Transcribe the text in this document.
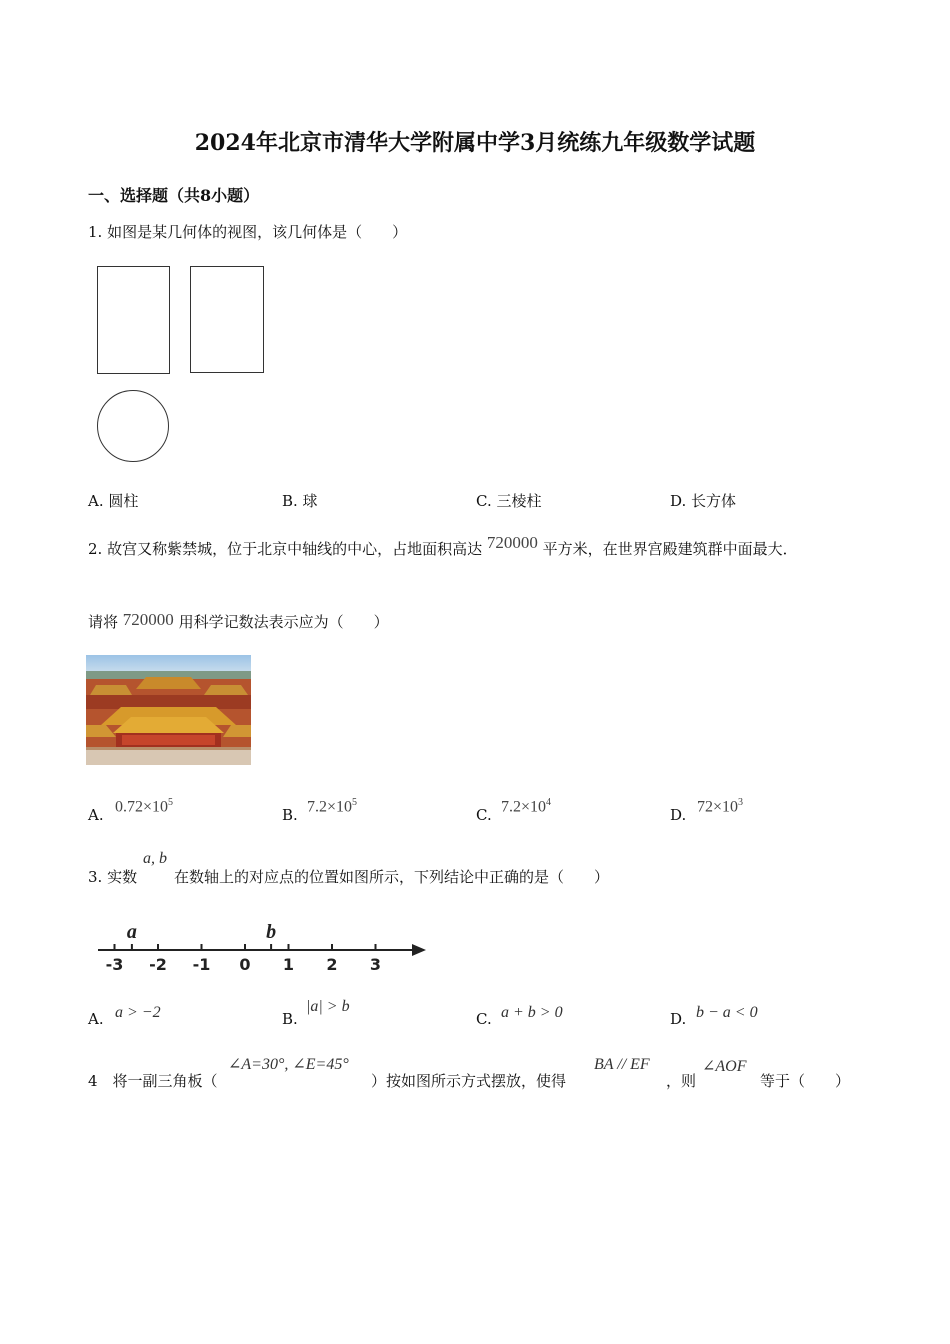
2024年北京市清华大学附属中学3月统练九年级数学试题
一、选择题（共8小题）
1. 如图是某几何体的视图，该几何体是（　　）
A. 圆柱	B. 球	C. 三棱柱	D. 长方体
2. 故宫又称紫禁城，位于北京中轴线的中心，占地面积高达 720000 平方米，在世界宫殿建筑群中面最大．
请将 720000 用科学记数法表示应为（　　）
A. $0.72\times 10^5$
B. $7.2\times 10^5$
C. $7.2\times 10^4$
D. $72\times 10^3$
3. 实数
a, b
在数轴上的对应点的位置如图所示，下列结论中正确的是（　　）
-3 -2 -1 0 1 2 3
a	b
A. a > −2	B.
|a| > b
C. a + b > 0	D. b − a < 0
4　将一副三角板（
∠A=30°, ∠E=45°
）按如图所示方式摆放，使得
BA // EF
，则
∠AOF
等于（　　）
